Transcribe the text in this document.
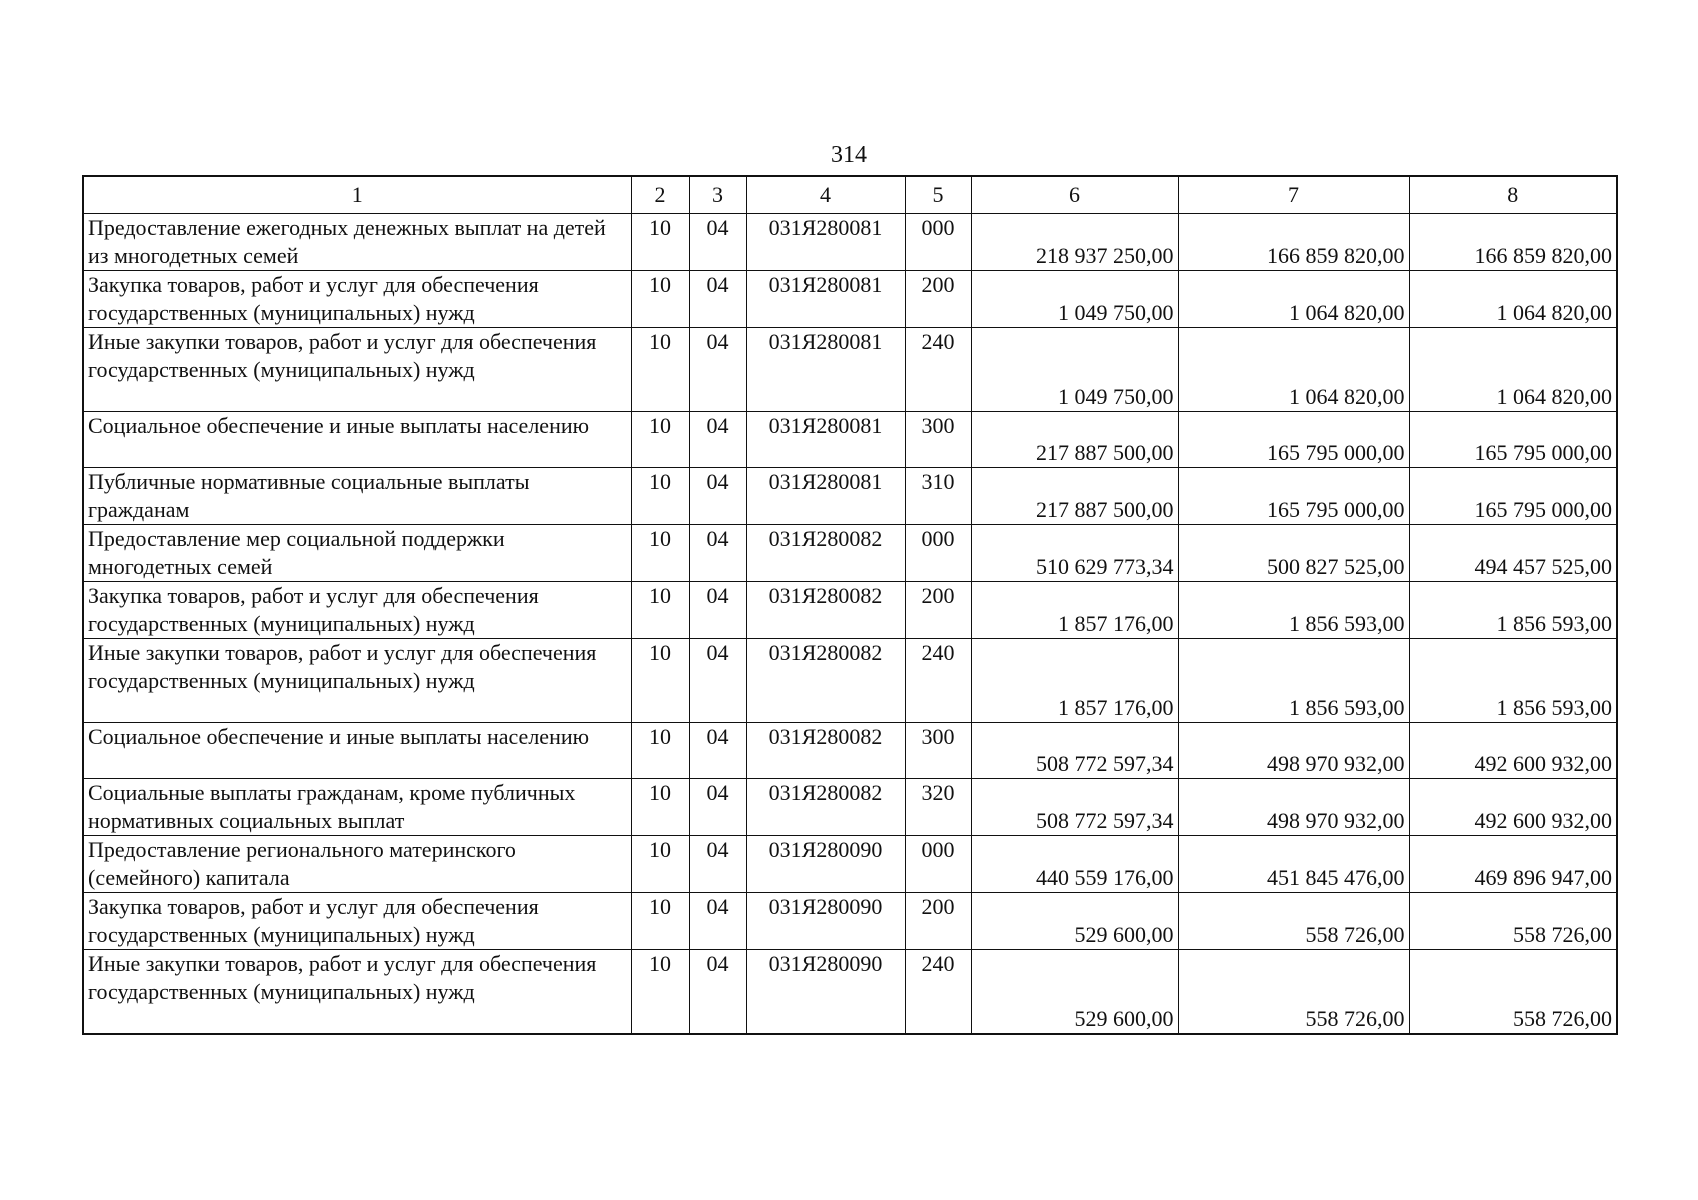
314
1	2	3	4	5	6	7	8
Предоставление ежегодных денежных выплат на детей из многодетных семей	10	04	031Я280081	000	218 937 250,00	166 859 820,00	166 859 820,00
Закупка товаров, работ и услуг для обеспечения государственных (муниципальных) нужд	10	04	031Я280081	200	1 049 750,00	1 064 820,00	1 064 820,00
Иные закупки товаров, работ и услуг для обеспечения государственных (муниципальных) нужд	10	04	031Я280081	240	1 049 750,00	1 064 820,00	1 064 820,00
Социальное обеспечение и иные выплаты населению	10	04	031Я280081	300	217 887 500,00	165 795 000,00	165 795 000,00
Публичные нормативные социальные выплаты гражданам	10	04	031Я280081	310	217 887 500,00	165 795 000,00	165 795 000,00
Предоставление мер социальной поддержки многодетных семей	10	04	031Я280082	000	510 629 773,34	500 827 525,00	494 457 525,00
Закупка товаров, работ и услуг для обеспечения государственных (муниципальных) нужд	10	04	031Я280082	200	1 857 176,00	1 856 593,00	1 856 593,00
Иные закупки товаров, работ и услуг для обеспечения государственных (муниципальных) нужд	10	04	031Я280082	240	1 857 176,00	1 856 593,00	1 856 593,00
Социальное обеспечение и иные выплаты населению	10	04	031Я280082	300	508 772 597,34	498 970 932,00	492 600 932,00
Социальные выплаты гражданам, кроме публичных нормативных социальных выплат	10	04	031Я280082	320	508 772 597,34	498 970 932,00	492 600 932,00
Предоставление регионального материнского (семейного) капитала	10	04	031Я280090	000	440 559 176,00	451 845 476,00	469 896 947,00
Закупка товаров, работ и услуг для обеспечения государственных (муниципальных) нужд	10	04	031Я280090	200	529 600,00	558 726,00	558 726,00
Иные закупки товаров, работ и услуг для обеспечения государственных (муниципальных) нужд	10	04	031Я280090	240	529 600,00	558 726,00	558 726,00
